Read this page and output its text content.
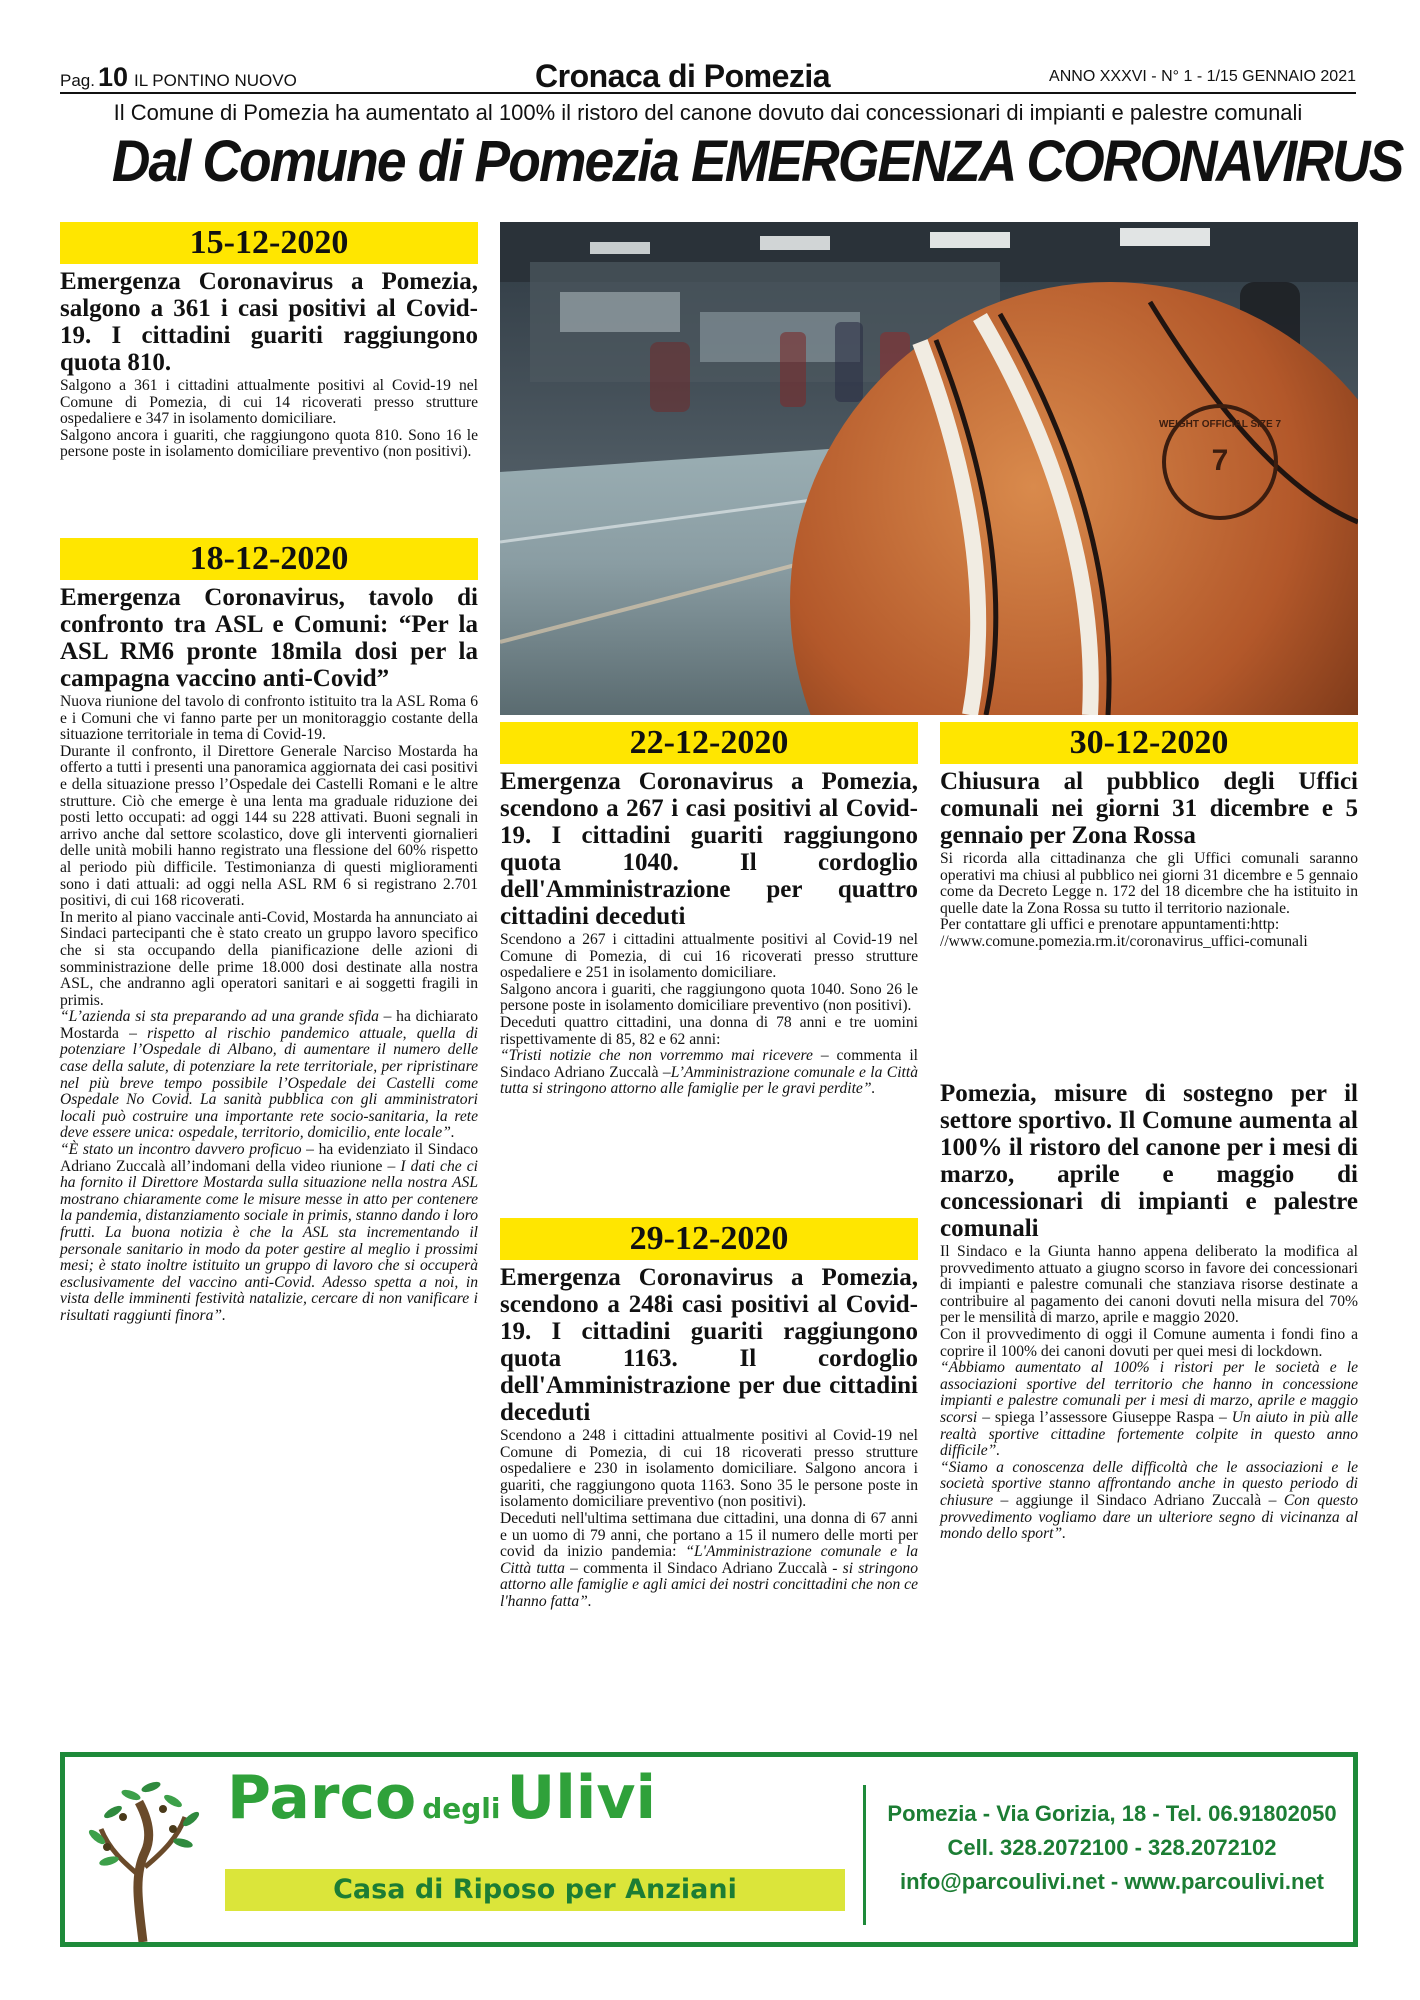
Pag. 10 IL PONTINO NUOVO	Cronaca di Pomezia	ANNO XXXVI - N° 1 - 1/15 GENNAIO 2021
Il Comune di Pomezia ha aumentato al 100% il ristoro del canone dovuto dai concessionari di impianti e palestre comunali
Dal Comune di Pomezia EMERGENZA CORONAVIRUS
15-12-2020
Emergenza Coronavirus a Pomezia, salgono a 361 i casi positivi al Covid-19. I cittadini guariti raggiungono quota 810.

Salgono a 361 i cittadini attualmente positivi al Covid-19 nel Comune di Pomezia, di cui 14 ricoverati presso strutture ospedaliere e 347 in isolamento domiciliare.

Salgono ancora i guariti, che raggiungono quota 810. Sono 16 le persone poste in isolamento domiciliare preventivo (non positivi).

18-12-2020
Emergenza Coronavirus, tavolo di confronto tra ASL e Comuni: “Per la ASL RM6 pronte 18mila dosi per la campagna vaccino anti-Covid”

Nuova riunione del tavolo di confronto istituito tra la ASL Roma 6 e i Comuni che vi fanno parte per un monitoraggio costante della situazione territoriale in tema di Covid-19.

Durante il confronto, il Direttore Generale Narciso Mostarda ha offerto a tutti i presenti una panoramica aggiornata dei casi positivi e della situazione presso l’Ospedale dei Castelli Romani e le altre strutture. Ciò che emerge è una lenta ma graduale riduzione dei posti letto occupati: ad oggi 144 su 228 attivati. Buoni segnali in arrivo anche dal settore scolastico, dove gli interventi giornalieri delle unità mobili hanno registrato una flessione del 60% rispetto al periodo più difficile. Testimonianza di questi miglioramenti sono i dati attuali: ad oggi nella ASL RM 6 si registrano 2.701 positivi, di cui 168 ricoverati.

In merito al piano vaccinale anti-Covid, Mostarda ha annunciato ai Sindaci partecipanti che è stato creato un gruppo lavoro specifico che si sta occupando della pianificazione delle azioni di somministrazione delle prime 18.000 dosi destinate alla nostra ASL, che andranno agli operatori sanitari e ai soggetti fragili in primis.

“L’azienda si sta preparando ad una grande sfida – ha dichiarato Mostarda – rispetto al rischio pandemico attuale, quella di potenziare l’Ospedale di Albano, di aumentare il numero delle case della salute, di potenziare la rete territoriale, per ripristinare nel più breve tempo possibile l’Ospedale dei Castelli come Ospedale No Covid. La sanità pubblica con gli amministratori locali può costruire una importante rete socio-sanitaria, la rete deve essere unica: ospedale, territorio, domicilio, ente locale”.

“È stato un incontro davvero proficuo – ha evidenziato il Sindaco Adriano Zuccalà all’indomani della video riunione – I dati che ci ha fornito il Direttore Mostarda sulla situazione nella nostra ASL mostrano chiaramente come le misure messe in atto per contenere la pandemia, distanziamento sociale in primis, stanno dando i loro frutti. La buona notizia è che la ASL sta incrementando il personale sanitario in modo da poter gestire al meglio i prossimi mesi; è stato inoltre istituito un gruppo di lavoro che si occuperà esclusivamente del vaccino anti-Covid. Adesso spetta a noi, in vista delle imminenti festività natalizie, cercare di non vanificare i risultati raggiunti finora”.

7
WEIGHT OFFICIAL SIZE 7
22-12-2020
Emergenza Coronavirus a Pomezia, scendono a 267 i casi positivi al Covid-19. I cittadini guariti raggiungono quota 1040. Il cordoglio dell'Amministrazione per quattro cittadini deceduti

Scendono a 267 i cittadini attualmente positivi al Covid-19 nel Comune di Pomezia, di cui 16 ricoverati presso strutture ospedaliere e 251 in isolamento domiciliare.

Salgono ancora i guariti, che raggiungono quota 1040. Sono 26 le persone poste in isolamento domiciliare preventivo (non positivi).

Deceduti quattro cittadini, una donna di 78 anni e tre uomini rispettivamente di 85, 82 e 62 anni:

“Tristi notizie che non vorremmo mai ricevere – commenta il Sindaco Adriano Zuccalà –L’Amministrazione comunale e la Città tutta si stringono attorno alle famiglie per le gravi perdite”.

29-12-2020
Emergenza Coronavirus a Pomezia, scendono a 248i casi positivi al Covid-19. I cittadini guariti raggiungono quota 1163. Il cordoglio dell'Amministrazione per due cittadini deceduti

Scendono a 248 i cittadini attualmente positivi al Covid-19 nel Comune di Pomezia, di cui 18 ricoverati presso strutture ospedaliere e 230 in isolamento domiciliare. Salgono ancora i guariti, che raggiungono quota 1163. Sono 35 le persone poste in isolamento domiciliare preventivo (non positivi).

Deceduti nell'ultima settimana due cittadini, una donna di 67 anni e un uomo di 79 anni, che portano a 15 il numero delle morti per covid da inizio pandemia: “L'Amministrazione comunale e la Città tutta – commenta il Sindaco Adriano Zuccalà - si stringono attorno alle famiglie e agli amici dei nostri concittadini che non ce l'hanno fatta”.

30-12-2020
Chiusura al pubblico degli Uffici comunali nei giorni 31 dicembre e 5 gennaio per Zona Rossa

Si ricorda alla cittadinanza che gli Uffici comunali saranno operativi ma chiusi al pubblico nei giorni 31 dicembre e 5 gennaio come da Decreto Legge n. 172 del 18 dicembre che ha istituito in quelle date la Zona Rossa su tutto il territorio nazionale.

Per contattare gli uffici e prenotare appuntamenti:http:

//www.comune.pomezia.rm.it/coronavirus_uffici-comunali

Pomezia, misure di sostegno per il settore sportivo. Il Comune aumenta al 100% il ristoro del canone per i mesi di marzo, aprile e maggio di concessionari di impianti e palestre comunali

Il Sindaco e la Giunta hanno appena deliberato la modifica al provvedimento attuato a giugno scorso in favore dei concessionari di impianti e palestre comunali che stanziava risorse destinate a contribuire al pagamento dei canoni dovuti nella misura del 70% per le mensilità di marzo, aprile e maggio 2020.

Con il provvedimento di oggi il Comune aumenta i fondi fino a coprire il 100% dei canoni dovuti per quei mesi di lockdown.

“Abbiamo aumentato al 100% i ristori per le società e le associazioni sportive del territorio che hanno in concessione impianti e palestre comunali per i mesi di marzo, aprile e maggio scorsi – spiega l’assessore Giuseppe Raspa – Un aiuto in più alle realtà sportive cittadine fortemente colpite in questo anno difficile”.

“Siamo a conoscenza delle difficoltà che le associazioni e le società sportive stanno affrontando anche in questo periodo di chiusure – aggiunge il Sindaco Adriano Zuccalà – Con questo provvedimento vogliamo dare un ulteriore segno di vicinanza al mondo dello sport”.

Parco degli Ulivi
Casa di Riposo per Anziani
Pomezia - Via Gorizia, 18 - Tel. 06.91802050
Cell. 328.2072100 - 328.2072102
info@parcoulivi.net - www.parcoulivi.net
